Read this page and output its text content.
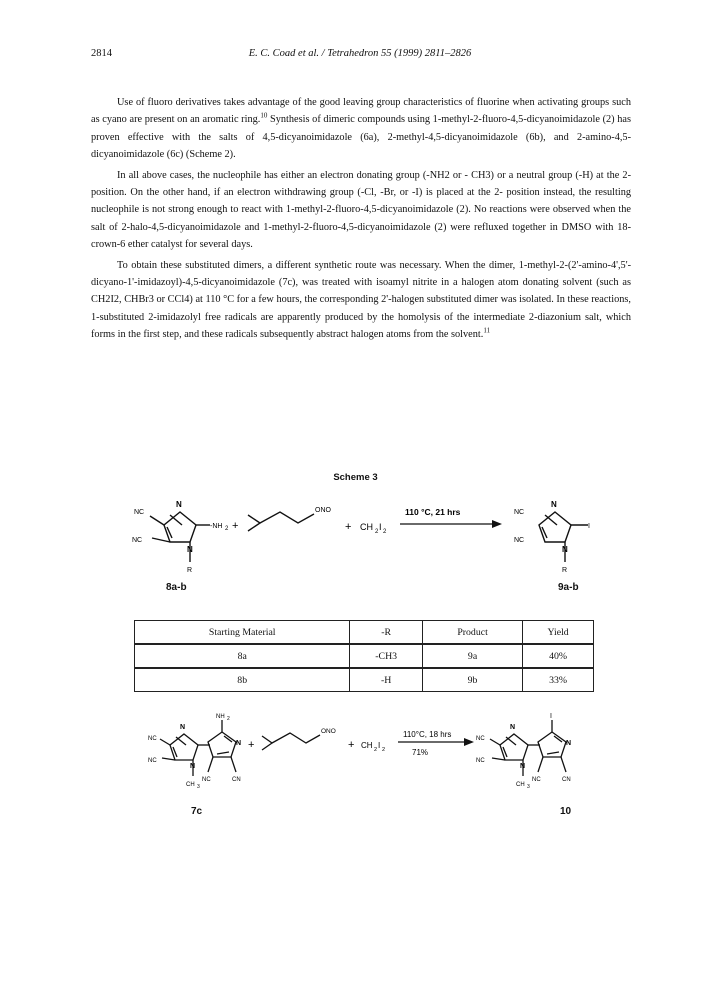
2814	E. C. Coad et al. / Tetrahedron 55 (1999) 2811–2826

Use of fluoro derivatives takes advantage of the good leaving group characteristics of fluorine when activating groups such as cyano are present on an aromatic ring.$^{10}$ Synthesis of dimeric compounds using 1-methyl-2-fluoro-4,5-dicyanoimidazole (2) has proven effective with the salts of 4,5-dicyanoimidazole (6a), 2-methyl-4,5-dicyanoimidazole (6b), and 2-amino-4,5-dicyanoimidazole (6c) (Scheme 2).

In all above cases, the nucleophile has either an electron donating group (-NH2 or - CH3) or a neutral group (-H) at the 2- position. On the other hand, if an electron withdrawing group (-Cl, -Br, or -I) is placed at the 2- position instead, the resulting nucleophile is not strong enough to react with 1-methyl-2-fluoro-4,5-dicyanoimidazole (2). No reactions were observed when the salt of 2-halo-4,5-dicyanoimidazole and 1-methyl-2-fluoro-4,5-dicyanoimidazole (2) were refluxed together in DMSO with 18-crown-6 ether catalyst for several days.

To obtain these substituted dimers, a different synthetic route was necessary. When the dimer, 1-methyl-2-(2'-amino-4',5'-dicyano-1'-imidazoyl)-4,5-dicyanoimidazole (7c), was treated with isoamyl nitrite in a halogen atom donating solvent (such as CH2I2, CHBr3 or CCl4) at 110 °C for a few hours, the corresponding 2'-halogen substituted dimer was isolated. In these reactions, 1-substituted 2-imidazolyl free radicals are apparently produced by the homolysis of the intermediate 2-diazonium salt, which forms in the first step, and these radicals subsequently abstract halogen atoms from the solvent.$^{11}$

Scheme 3
N
N
NC
NC
-NH 2
R
+
ONO
+ CH 2 I 2
110 °C, 21 hrs
N
N
NC
NC
I
R
8a-b	9a-b
Starting Material	-R	Product	Yield
8a	-CH3	9a	40%
8b	-H	9b	33%
N
N
NC
NC
CH 3
N
NH 2
NC	CN
+
ONO
+ CH 2 I 2
110°C, 18 hrs
71%
N
N
NC
NC
CH 3
N
I
NC	CN
7c	10
